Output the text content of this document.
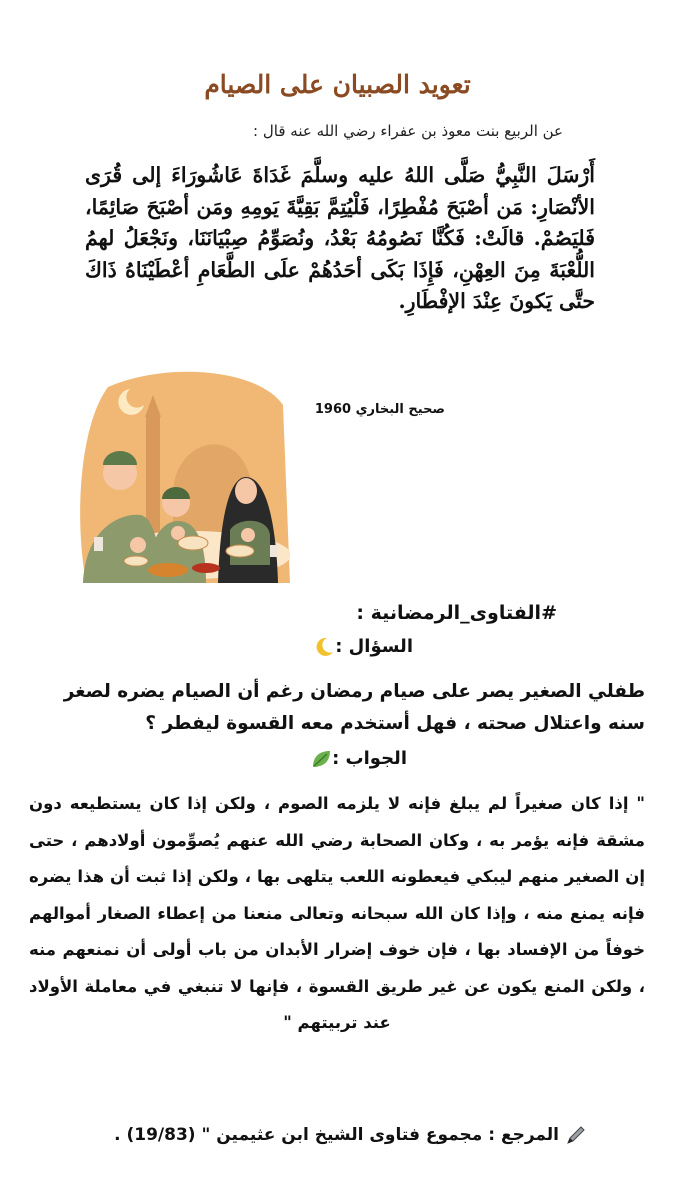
تعويد الصبيان على الصيام
عن الربيع بنت معوذ بن عفراء رضي الله عنه قال :
أَرْسَلَ النَّبِيُّ صَلَّى اللهُ عليه وسلَّمَ غَدَاةَ عَاشُورَاءَ إلى قُرَى الأنْصَارِ: مَن أصْبَحَ مُفْطِرًا، فَلْيُتِمَّ بَقِيَّةَ يَومِهِ ومَن أصْبَحَ صَائِمًا، فَليَصُمْ. قالَتْ: فَكُنَّا نَصُومُهُ بَعْدُ، ونُصَوِّمُ صِبْيَانَنَا، ونَجْعَلُ لهمُ اللُّعْبَةَ مِنَ العِهْنِ، فَإِذَا بَكَى أحَدُهُمْ علَى الطَّعَامِ أعْطَيْنَاهُ ذَاكَ حتَّى يَكونَ عِنْدَ الإفْطَارِ.
صحيح البخاري 1960
#الفتاوى_الرمضانية :
السؤال :
طفلي الصغير يصر على صيام رمضان رغم أن الصيام يضره لصغر سنه واعتلال صحته ، فهل أستخدم معه القسوة ليفطر ؟
الجواب :
" إذا كان صغيراً لم يبلغ فإنه لا يلزمه الصوم ، ولكن إذا كان يستطيعه دون مشقة فإنه يؤمر به ، وكان الصحابة رضي الله عنهم يُصوِّمون أولادهم ، حتى إن الصغير منهم ليبكي فيعطونه اللعب يتلهى بها ، ولكن إذا ثبت أن هذا يضره فإنه يمنع منه ، وإذا كان الله سبحانه وتعالى منعنا من إعطاء الصغار أموالهم خوفاً من الإفساد بها ، فإن خوف إضرار الأبدان من باب أولى أن نمنعهم منه ، ولكن المنع يكون عن غير طريق القسوة ، فإنها لا تنبغي في معاملة الأولاد عند تربيتهم "
المرجع : مجموع فتاوى الشيخ ابن عثيمين " (19/83) .
